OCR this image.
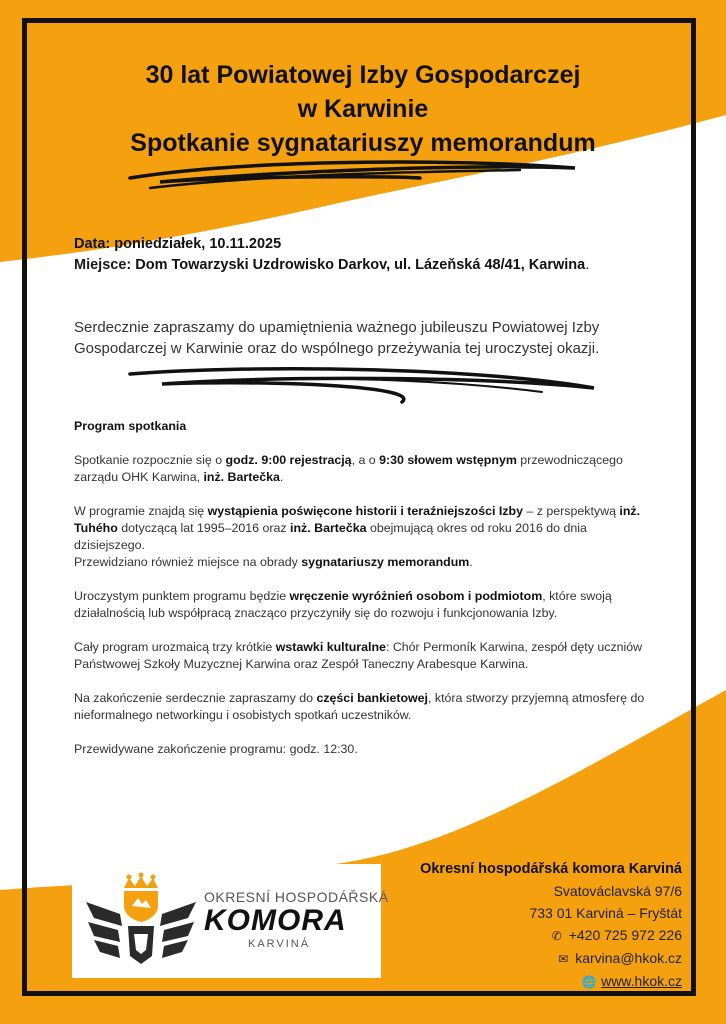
30 lat Powiatowej Izby Gospodarczej
w Karwinie
Spotkanie sygnatariuszy memorandum
Data: poniedziałek, 10.11.2025
Miejsce: Dom Towarzyski Uzdrowisko Darkov, ul. Lázeňská 48/41, Karwina.
Serdecznie zapraszamy do upamiętnienia ważnego jubileuszu Powiatowej Izby Gospodarczej w Karwinie oraz do wspólnego przeżywania tej uroczystej okazji.

Program spotkania

Spotkanie rozpocznie się o godz. 9:00 rejestracją, a o 9:30 słowem wstępnym przewodniczącego zarządu OHK Karwina, inż. Bartečka.

W programie znajdą się wystąpienia poświęcone historii i teraźniejszości Izby – z perspektywą inż. Tuhého dotyczącą lat 1995–2016 oraz inż. Bartečka obejmującą okres od roku 2016 do dnia dzisiejszego.
Przewidziano również miejsce na obrady sygnatariuszy memorandum.

Uroczystym punktem programu będzie wręczenie wyróżnień osobom i podmiotom, które swoją działalnością lub współpracą znacząco przyczyniły się do rozwoju i funkcjonowania Izby.

Cały program urozmaicą trzy krótkie wstawki kulturalne: Chór Permoník Karwina, zespół dęty uczniów Państwowej Szkoły Muzycznej Karwina oraz Zespół Taneczny Arabesque Karwina.

Na zakończenie serdecznie zapraszamy do części bankietowej, która stworzy przyjemną atmosferę do nieformalnego networkingu i osobistych spotkań uczestników.

Przewidywane zakończenie programu: godz. 12:30.

OKRESNÍ HOSPODÁŘSKÁ
KOMORA
KARVINÁ
Okresní hospodářská komora Karviná
Svatováclavská 97/6
733 01 Karviná – Fryštát
✆ +420 725 972 226
✉ karvina@hkok.cz
🌐 www.hkok.cz
